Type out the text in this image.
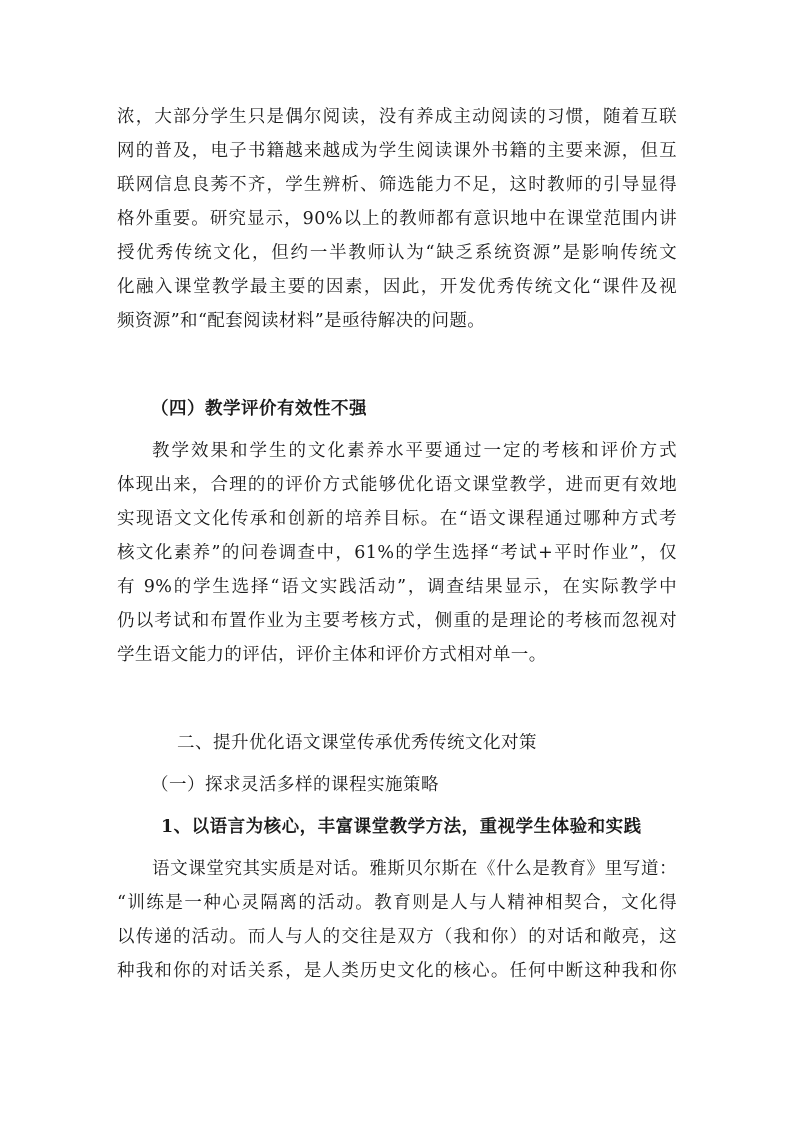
浓，大部分学生只是偶尔阅读，没有养成主动阅读的习惯，随着互联
网的普及，电子书籍越来越成为学生阅读课外书籍的主要来源，但互
联网信息良莠不齐，学生辨析、筛选能力不足，这时教师的引导显得
格外重要。研究显示，90%以上的教师都有意识地中在课堂范围内讲
授优秀传统文化，但约一半教师认为“缺乏系统资源”是影响传统文
化融入课堂教学最主要的因素，因此，开发优秀传统文化“课件及视
频资源”和“配套阅读材料”是亟待解决的问题。
（四）教学评价有效性不强
教学效果和学生的文化素养水平要通过一定的考核和评价方式
体现出来，合理的的评价方式能够优化语文课堂教学，进而更有效地
实现语文文化传承和创新的培养目标。在“语文课程通过哪种方式考
核文化素养”的问卷调查中，61%的学生选择“考试+平时作业”，仅
有 9%的学生选择“语文实践活动”，调查结果显示，在实际教学中
仍以考试和布置作业为主要考核方式，侧重的是理论的考核而忽视对
学生语文能力的评估，评价主体和评价方式相对单一。
二、提升优化语文课堂传承优秀传统文化对策
（一）探求灵活多样的课程实施策略
1、以语言为核心，丰富课堂教学方法，重视学生体验和实践
语文课堂究其实质是对话。雅斯贝尔斯在《什么是教育》里写道：
“训练是一种心灵隔离的活动。教育则是人与人精神相契合，文化得
以传递的活动。而人与人的交往是双方（我和你）的对话和敞亮，这
种我和你的对话关系，是人类历史文化的核心。任何中断这种我和你
